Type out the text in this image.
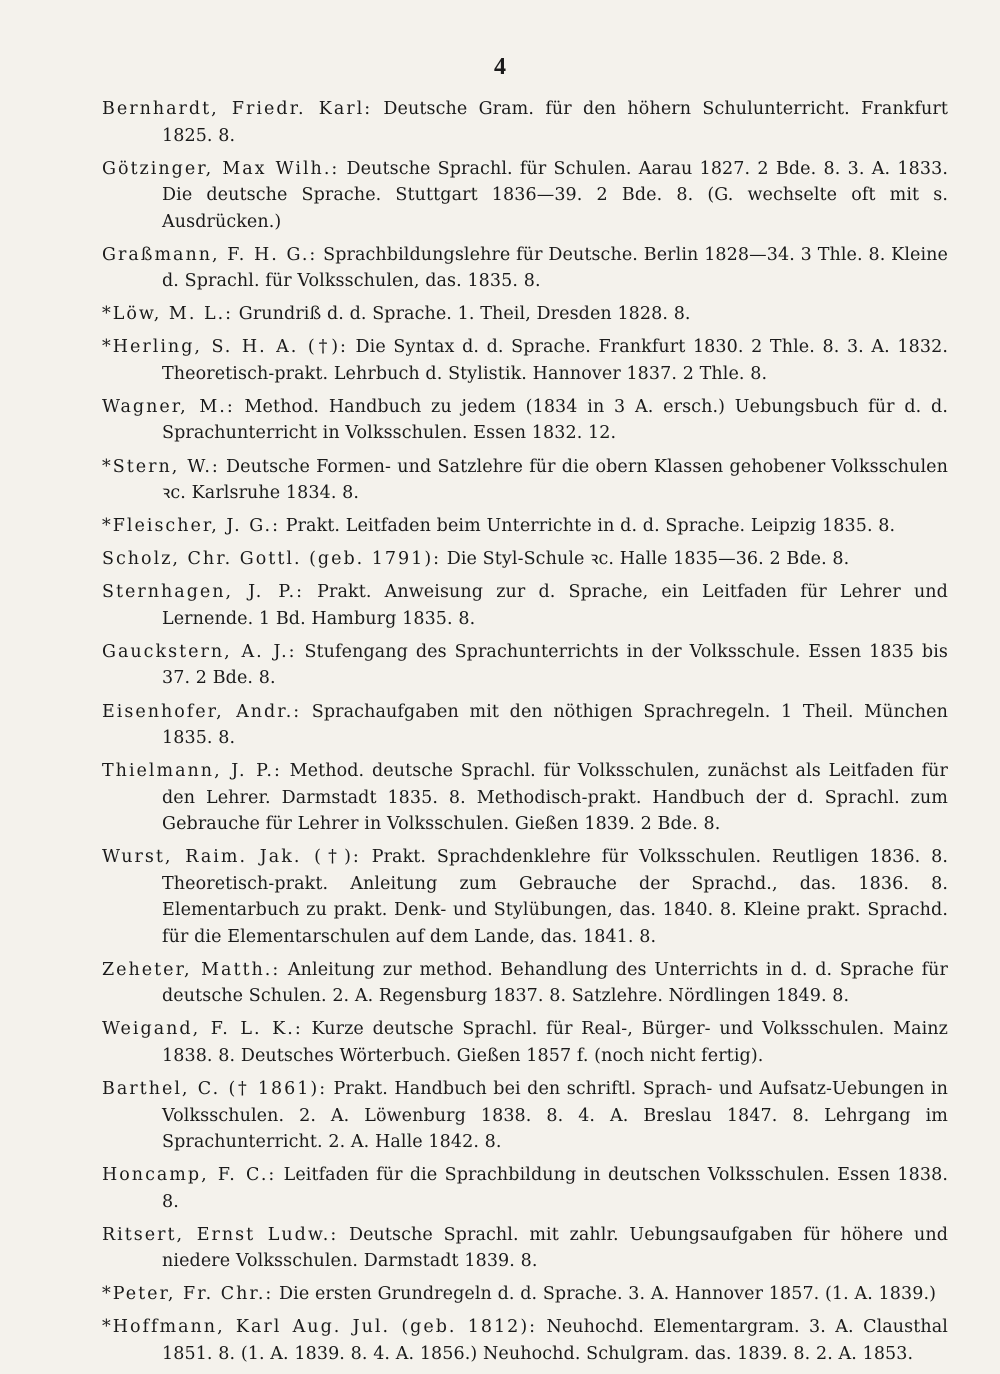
4
Bernhardt, Friedr. Karl: Deutsche Gram. für den höhern Schulunterricht. Frankfurt 1825. 8.
Götzinger, Max Wilh.: Deutsche Sprachl. für Schulen. Aarau 1827. 2 Bde. 8. 3. A. 1833. Die deutsche Sprache. Stuttgart 1836—39. 2 Bde. 8. (G. wechselte oft mit s. Ausdrücken.)
Graßmann, F. H. G.: Sprachbildungslehre für Deutsche. Berlin 1828—34. 3 Thle. 8. Kleine d. Sprachl. für Volksschulen, das. 1835. 8.
*Löw, M. L.: Grundriß d. d. Sprache. 1. Theil, Dresden 1828. 8.
*Herling, S. H. A. (†): Die Syntax d. d. Sprache. Frankfurt 1830. 2 Thle. 8. 3. A. 1832. Theoretisch-prakt. Lehrbuch d. Stylistik. Hannover 1837. 2 Thle. 8.
Wagner, M.: Method. Handbuch zu jedem (1834 in 3 A. ersch.) Uebungsbuch für d. d. Sprachunterricht in Volksschulen. Essen 1832. 12.
*Stern, W.: Deutsche Formen- und Satzlehre für die obern Klassen gehobener Volksschulen ꝛc. Karlsruhe 1834. 8.
*Fleischer, J. G.: Prakt. Leitfaden beim Unterrichte in d. d. Sprache. Leipzig 1835. 8.
Scholz, Chr. Gottl. (geb. 1791): Die Styl-Schule ꝛc. Halle 1835—36. 2 Bde. 8.
Sternhagen, J. P.: Prakt. Anweisung zur d. Sprache, ein Leitfaden für Lehrer und Lernende. 1 Bd. Hamburg 1835. 8.
Gauckstern, A. J.: Stufengang des Sprachunterrichts in der Volksschule. Essen 1835 bis 37. 2 Bde. 8.
Eisenhofer, Andr.: Sprachaufgaben mit den nöthigen Sprachregeln. 1 Theil. München 1835. 8.
Thielmann, J. P.: Method. deutsche Sprachl. für Volksschulen, zunächst als Leitfaden für den Lehrer. Darmstadt 1835. 8. Methodisch-prakt. Handbuch der d. Sprachl. zum Gebrauche für Lehrer in Volksschulen. Gießen 1839. 2 Bde. 8.
Wurst, Raim. Jak. (†): Prakt. Sprachdenklehre für Volksschulen. Reutligen 1836. 8. Theoretisch-prakt. Anleitung zum Gebrauche der Sprachd., das. 1836. 8. Elementarbuch zu prakt. Denk- und Stylübungen, das. 1840. 8. Kleine prakt. Sprachd. für die Elementarschulen auf dem Lande, das. 1841. 8.
Zeheter, Matth.: Anleitung zur method. Behandlung des Unterrichts in d. d. Sprache für deutsche Schulen. 2. A. Regensburg 1837. 8. Satzlehre. Nördlingen 1849. 8.
Weigand, F. L. K.: Kurze deutsche Sprachl. für Real-, Bürger- und Volksschulen. Mainz 1838. 8. Deutsches Wörterbuch. Gießen 1857 f. (noch nicht fertig).
Barthel, C. († 1861): Prakt. Handbuch bei den schriftl. Sprach- und Aufsatz-Uebungen in Volksschulen. 2. A. Löwenburg 1838. 8. 4. A. Breslau 1847. 8. Lehrgang im Sprachunterricht. 2. A. Halle 1842. 8.
Honcamp, F. C.: Leitfaden für die Sprachbildung in deutschen Volksschulen. Essen 1838. 8.
Ritsert, Ernst Ludw.: Deutsche Sprachl. mit zahlr. Uebungsaufgaben für höhere und niedere Volksschulen. Darmstadt 1839. 8.
*Peter, Fr. Chr.: Die ersten Grundregeln d. d. Sprache. 3. A. Hannover 1857. (1. A. 1839.)
*Hoffmann, Karl Aug. Jul. (geb. 1812): Neuhochd. Elementargram. 3. A. Clausthal 1851. 8. (1. A. 1839. 8. 4. A. 1856.) Neuhochd. Schulgram. das. 1839. 8. 2. A. 1853.
